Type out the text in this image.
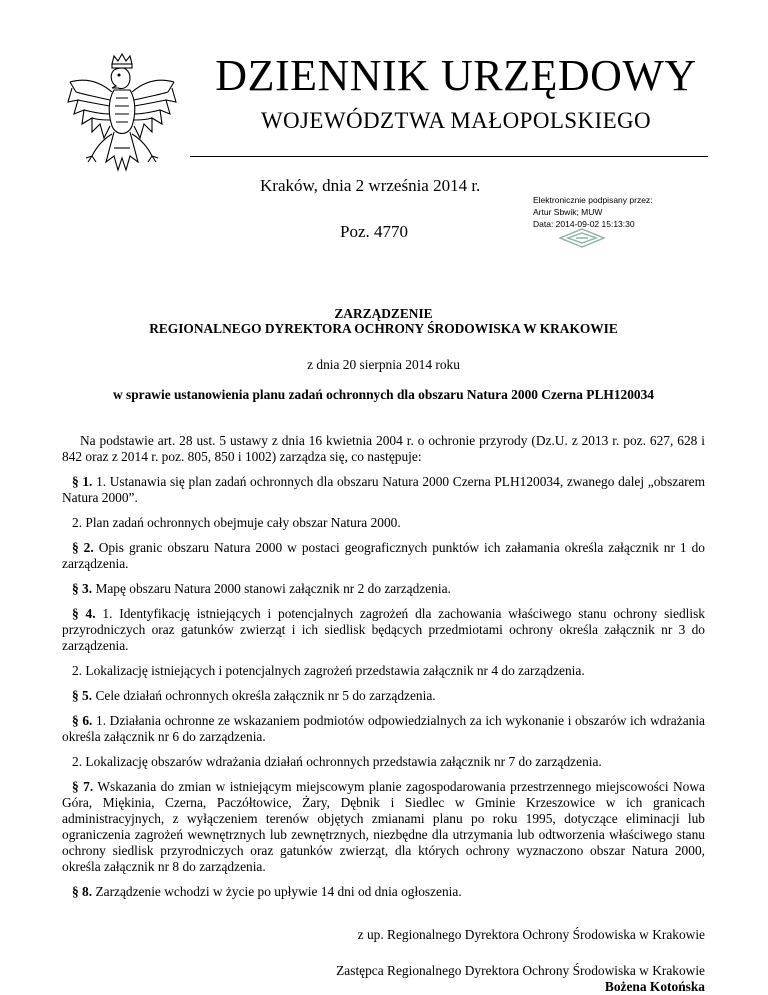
DZIENNIK URZĘDOWY
WOJEWÓDZTWA MAŁOPOLSKIEGO
Kraków, dnia 2 września 2014 r.
Poz. 4770
Elektronicznie podpisany przez:
Artur Sbwik; MUW
Data: 2014-09-02 15:13:30
ZARZĄDZENIE
REGIONALNEGO DYREKTORA OCHRONY ŚRODOWISKA W KRAKOWIE
z dnia 20 sierpnia 2014 roku
w sprawie ustanowienia planu zadań ochronnych dla obszaru Natura 2000 Czerna PLH120034
Na podstawie art. 28 ust. 5 ustawy z dnia 16 kwietnia 2004 r. o ochronie przyrody (Dz.U. z 2013 r. poz. 627, 628 i 842 oraz z 2014 r. poz. 805, 850 i 1002) zarządza się, co następuje:
§ 1. 1. Ustanawia się plan zadań ochronnych dla obszaru Natura 2000 Czerna PLH120034, zwanego dalej „obszarem Natura 2000”.
2. Plan zadań ochronnych obejmuje cały obszar Natura 2000.
§ 2. Opis granic obszaru Natura 2000 w postaci geograficznych punktów ich załamania określa załącznik nr 1 do zarządzenia.
§ 3. Mapę obszaru Natura 2000 stanowi załącznik nr 2 do zarządzenia.
§ 4. 1. Identyfikację istniejących i potencjalnych zagrożeń dla zachowania właściwego stanu ochrony siedlisk przyrodniczych oraz gatunków zwierząt i ich siedlisk będących przedmiotami ochrony określa załącznik nr 3 do zarządzenia.
2. Lokalizację istniejących i potencjalnych zagrożeń przedstawia załącznik nr 4 do zarządzenia.
§ 5. Cele działań ochronnych określa załącznik nr 5 do zarządzenia.
§ 6. 1. Działania ochronne ze wskazaniem podmiotów odpowiedzialnych za ich wykonanie i obszarów ich wdrażania określa załącznik nr 6 do zarządzenia.
2. Lokalizację obszarów wdrażania działań ochronnych przedstawia załącznik nr 7 do zarządzenia.
§ 7. Wskazania do zmian w istniejącym miejscowym planie zagospodarowania przestrzennego miejscowości Nowa Góra, Miękinia, Czerna, Paczółtowice, Żary, Dębnik i Siedlec w Gminie Krzeszowice w ich granicach administracyjnych, z wyłączeniem terenów objętych zmianami planu po roku 1995, dotyczące eliminacji lub ograniczenia zagrożeń wewnętrznych lub zewnętrznych, niezbędne dla utrzymania lub odtworzenia właściwego stanu ochrony siedlisk przyrodniczych oraz gatunków zwierząt, dla których ochrony wyznaczono obszar Natura 2000, określa załącznik nr 8 do zarządzenia.
§ 8. Zarządzenie wchodzi w życie po upływie 14 dni od dnia ogłoszenia.
z up. Regionalnego Dyrektora Ochrony Środowiska w Krakowie
Zastępca Regionalnego Dyrektora Ochrony Środowiska w Krakowie
Bożena Kotońska
